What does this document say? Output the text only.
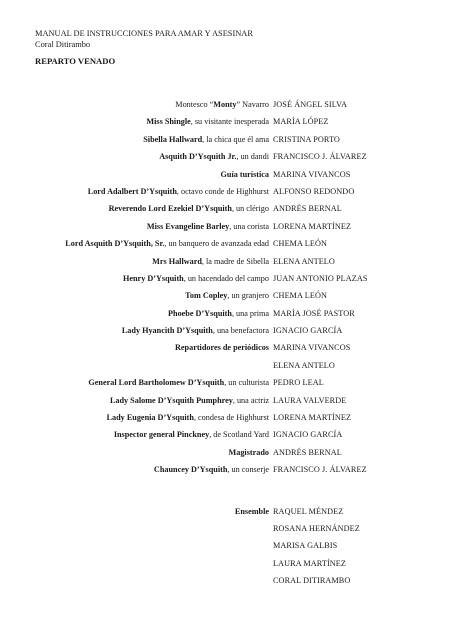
MANUAL DE INSTRUCCIONES PARA AMAR Y ASESINAR
Coral Ditirambo
REPARTO VENADO
Montesco “Monty” Navarro JOSÉ ÁNGEL SILVA
Miss Shingle, su visitante inesperada MARÍA LÓPEZ
Sibella Hallward, la chica que él ama CRISTINA PORTO
Asquith D’Ysquith Jr., un dandi FRANCISCO J. ÁLVAREZ
Guía turística MARINA VIVANCOS
Lord Adalbert D’Ysquith, octavo conde de Highhurst ALFONSO REDONDO
Reverendo Lord Ezekiel D’Ysquith, un clérigo ANDRÉS BERNAL
Miss Evangeline Barley, una corista LORENA MARTÍNEZ
Lord Asquith D’Ysquith, Sr., un banquero de avanzada edad CHEMA LEÓN
Mrs Hallward, la madre de Sibella ELENA ANTELO
Henry D’Ysquith, un hacendado del campo JUAN ANTONIO PLAZAS
Tom Copley, un granjero CHEMA LEÓN
Phoebe D’Ysquith, una prima MARÍA JOSÉ PASTOR
Lady Hyancith D’Ysquith, una benefactora IGNACIO GARCÍA
Repartidores de periódicos MARINA VIVANCOS
ELENA ANTELO
General Lord Bartholomew D’Ysquith, un culturista PEDRO LEAL
Lady Salome D’Ysquith Pumphrey, una actriz LAURA VALVERDE
Lady Eugenia D’Ysquith, condesa de Highhurst LORENA MARTÍNEZ
Inspector general Pinckney, de Scotland Yard IGNACIO GARCÍA
Magistrado ANDRÉS BERNAL
Chauncey D’Ysquith, un conserje FRANCISCO J. ÁLVAREZ
Ensemble RAQUEL MÉNDEZ
ROSANA HERNÁNDEZ
MARISA GALBIS
LAURA MARTÍNEZ
CORAL DITIRAMBO
